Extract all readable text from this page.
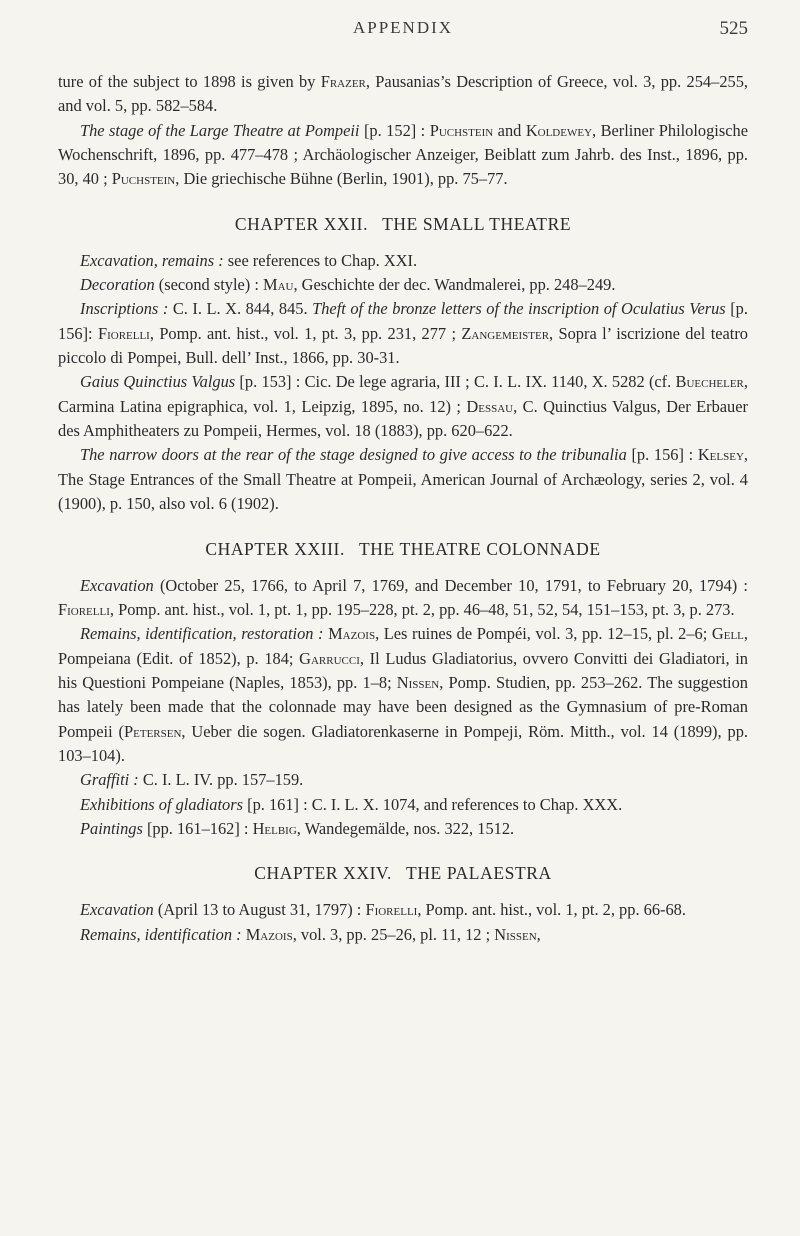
APPENDIX	525

ture of the subject to 1898 is given by Frazer, Pausanias’s Description of Greece, vol. 3, pp. 254–255, and vol. 5, pp. 582–584.

The stage of the Large Theatre at Pompeii [p. 152] : Puchstein and Koldewey, Berliner Philologische Wochenschrift, 1896, pp. 477–478 ; Archäologischer Anzeiger, Beiblatt zum Jahrb. des Inst., 1896, pp. 30, 40 ; Puchstein, Die griechische Bühne (Berlin, 1901), pp. 75–77.

CHAPTER XXII. THE SMALL THEATRE

Excavation, remains : see references to Chap. XXI.

Decoration (second style) : Mau, Geschichte der dec. Wandmalerei, pp. 248–249.

Inscriptions : C. I. L. X. 844, 845. Theft of the bronze letters of the inscription of Oculatius Verus [p. 156]: Fiorelli, Pomp. ant. hist., vol. 1, pt. 3, pp. 231, 277 ; Zangemeister, Sopra l’ iscrizione del teatro piccolo di Pompei, Bull. dell’ Inst., 1866, pp. 30-31.

Gaius Quinctius Valgus [p. 153] : Cic. De lege agraria, III ; C. I. L. IX. 1140, X. 5282 (cf. Buecheler, Carmina Latina epigraphica, vol. 1, Leipzig, 1895, no. 12) ; Dessau, C. Quinctius Valgus, Der Erbauer des Amphitheaters zu Pompeii, Hermes, vol. 18 (1883), pp. 620–622.

The narrow doors at the rear of the stage designed to give access to the tribunalia [p. 156] : Kelsey, The Stage Entrances of the Small Theatre at Pompeii, American Journal of Archæology, series 2, vol. 4 (1900), p. 150, also vol. 6 (1902).

CHAPTER XXIII. THE THEATRE COLONNADE

Excavation (October 25, 1766, to April 7, 1769, and December 10, 1791, to February 20, 1794) : Fiorelli, Pomp. ant. hist., vol. 1, pt. 1, pp. 195–228, pt. 2, pp. 46–48, 51, 52, 54, 151–153, pt. 3, p. 273.

Remains, identification, restoration : Mazois, Les ruines de Pompéi, vol. 3, pp. 12–15, pl. 2–6; Gell, Pompeiana (Edit. of 1852), p. 184; Garrucci, Il Ludus Gladiatorius, ovvero Convitti dei Gladiatori, in his Questioni Pompeiane (Naples, 1853), pp. 1–8; Nissen, Pomp. Studien, pp. 253–262. The suggestion has lately been made that the colonnade may have been designed as the Gymnasium of pre-Roman Pompeii (Petersen, Ueber die sogen. Gladiatorenkaserne in Pompeji, Röm. Mitth., vol. 14 (1899), pp. 103–104).

Graffiti : C. I. L. IV. pp. 157–159.

Exhibitions of gladiators [p. 161] : C. I. L. X. 1074, and references to Chap. XXX.

Paintings [pp. 161–162] : Helbig, Wandegemälde, nos. 322, 1512.

CHAPTER XXIV. THE PALAESTRA

Excavation (April 13 to August 31, 1797) : Fiorelli, Pomp. ant. hist., vol. 1, pt. 2, pp. 66-68.

Remains, identification : Mazois, vol. 3, pp. 25–26, pl. 11, 12 ; Nissen,
